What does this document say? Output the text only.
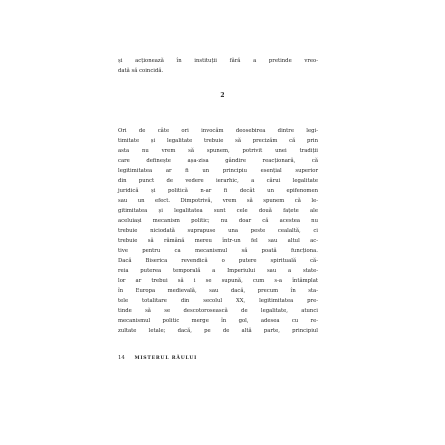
și acționează în instituții fără a pretinde vreo-
dată să coincidă.
2
Ori de câte ori invocăm deosebirea dintre legi-
timitate și legalitate trebuie să precizăm că prin
asta nu vrem să spunem, potrivit unei tradiții
care definește așa-zisa gândire reacționară, că
legitimitatea ar fi un principiu esențial superior
din punct de vedere ierarhic, a cărui legalitate
juridică și politică n-ar fi decât un epifenomen
sau un efect. Dimpotrivă, vrem să spunem că le-
gitimitatea și legalitatea sunt cele două fațete ale
aceluiași mecanism politic; nu doar că acestea nu
trebuie niciodată suprapuse una peste cealaltă, ci
trebuie să rămână mereu într-un fel sau altul ac-
tive pentru ca mecanismul să poată funcționa.
Dacă Biserica revendică o putere spirituală că-
reia puterea temporală a Imperiului sau a state-
lor ar trebui să i se supună, cum s-a întâmplat
în Europa medievală, sau dacă, precum în sta-
tele totalitare din secolul XX, legitimitatea pre-
tinde să se descotorosească de legalitate, atunci
mecanismul politic merge în gol, adesea cu re-
zultate letale; dacă, pe de altă parte, principiul
14 MISTERUL RĂULUI
